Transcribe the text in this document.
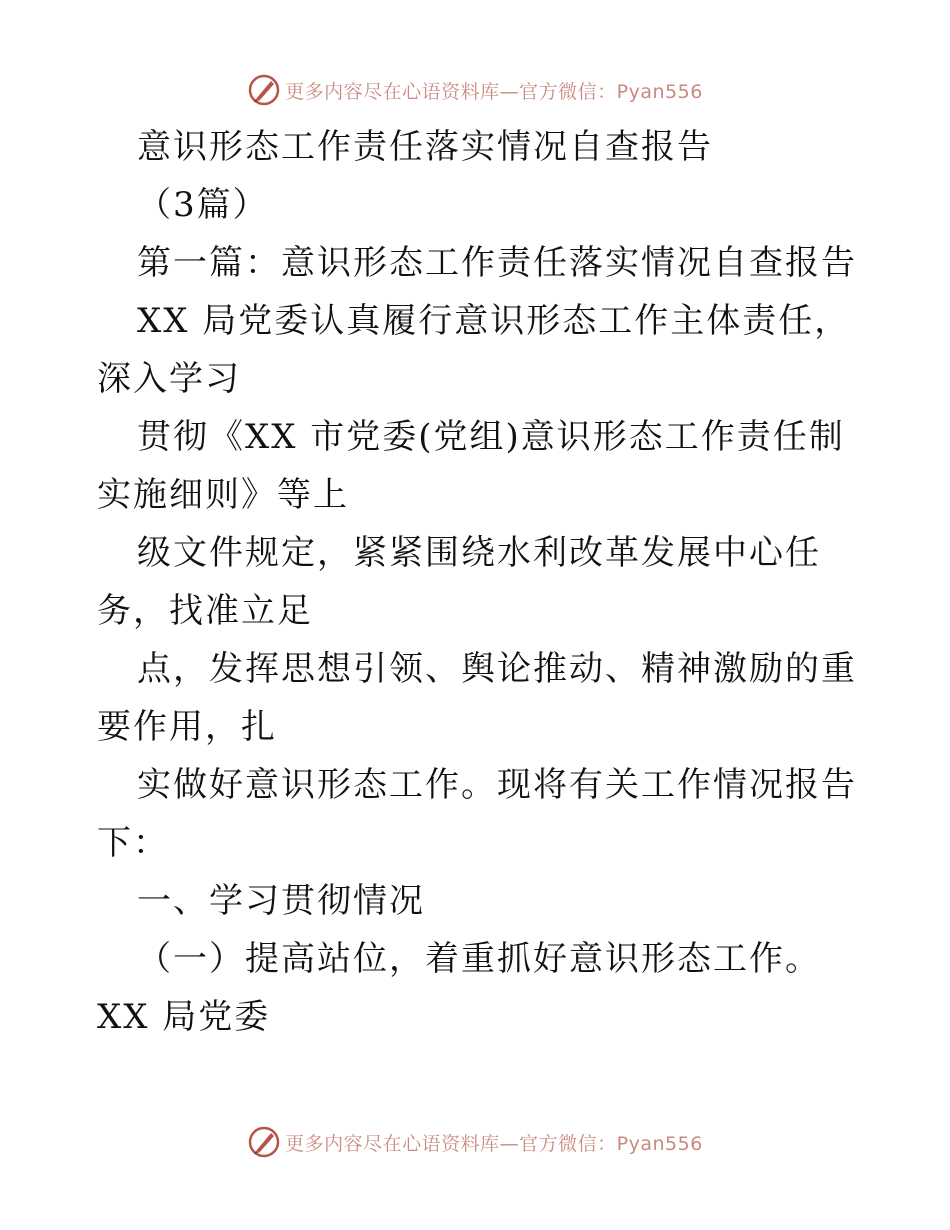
更多内容尽在心语资料库—官方微信：Pyan556

意识形态工作责任落实情况自查报告

（3篇）

第一篇：意识形态工作责任落实情况自查报告

XX 局党委认真履行意识形态工作主体责任，深入学习

贯彻《XX 市党委(党组)意识形态工作责任制实施细则》等上

级文件规定，紧紧围绕水利改革发展中心任务，找准立足

点，发挥思想引领、舆论推动、精神激励的重要作用，扎

实做好意识形态工作。现将有关工作情况报告下：

一、学习贯彻情况

（一）提高站位，着重抓好意识形态工作。XX 局党委

更多内容尽在心语资料库—官方微信：Pyan556
